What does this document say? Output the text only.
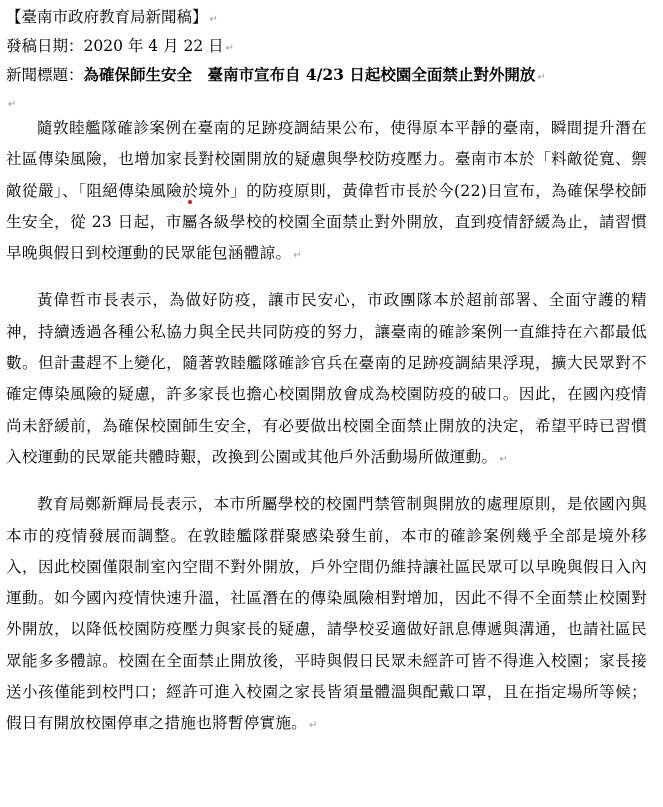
【臺南市政府教育局新聞稿】 ↵
發稿日期：2020 年 4 月 22 日 ↵
新聞標題：為確保師生安全　臺南市宣布自 4/23 日起校園全面禁止對外開放 ↵
↵

隨敦睦艦隊確診案例在臺南的足跡疫調結果公布，使得原本平靜的臺南，瞬間提升潛在社區傳染風險，也增加家長對校園開放的疑慮與學校防疫壓力。臺南市本於「料敵從寬、禦敵從嚴」、「阻絕傳染風險於境外」的防疫原則，黃偉哲市長於今(22)日宣布，為確保學校師生安全，從 23 日起，市屬各級學校的校園全面禁止對外開放，直到疫情舒緩為止，請習慣早晚與假日到校運動的民眾能包涵體諒。 ↵

黃偉哲市長表示，為做好防疫，讓市民安心，市政團隊本於超前部署、全面守護的精神，持續透過各種公私協力與全民共同防疫的努力，讓臺南的確診案例一直維持在六都最低數。但計畫趕不上變化，隨著敦睦艦隊確診官兵在臺南的足跡疫調結果浮現，擴大民眾對不確定傳染風險的疑慮，許多家長也擔心校園開放會成為校園防疫的破口。因此，在國內疫情尚未舒緩前，為確保校園師生安全，有必要做出校園全面禁止開放的決定，希望平時已習慣入校運動的民眾能共體時艱，改換到公園或其他戶外活動場所做運動。 ↵

教育局鄭新輝局長表示，本市所屬學校的校園門禁管制與開放的處理原則，是依國內與本市的疫情發展而調整。在敦睦艦隊群聚感染發生前，本市的確診案例幾乎全部是境外移入，因此校園僅限制室內空間不對外開放，戶外空間仍維持讓社區民眾可以早晚與假日入內運動。如今國內疫情快速升溫，社區潛在的傳染風險相對增加，因此不得不全面禁止校園對外開放，以降低校園防疫壓力與家長的疑慮，請學校妥適做好訊息傳遞與溝通，也請社區民眾能多多體諒。校園在全面禁止開放後，平時與假日民眾未經許可皆不得進入校園；家長接送小孩僅能到校門口；經許可進入校園之家長皆須量體溫與配戴口罩，且在指定場所等候；假日有開放校園停車之措施也將暫停實施。 ↵
